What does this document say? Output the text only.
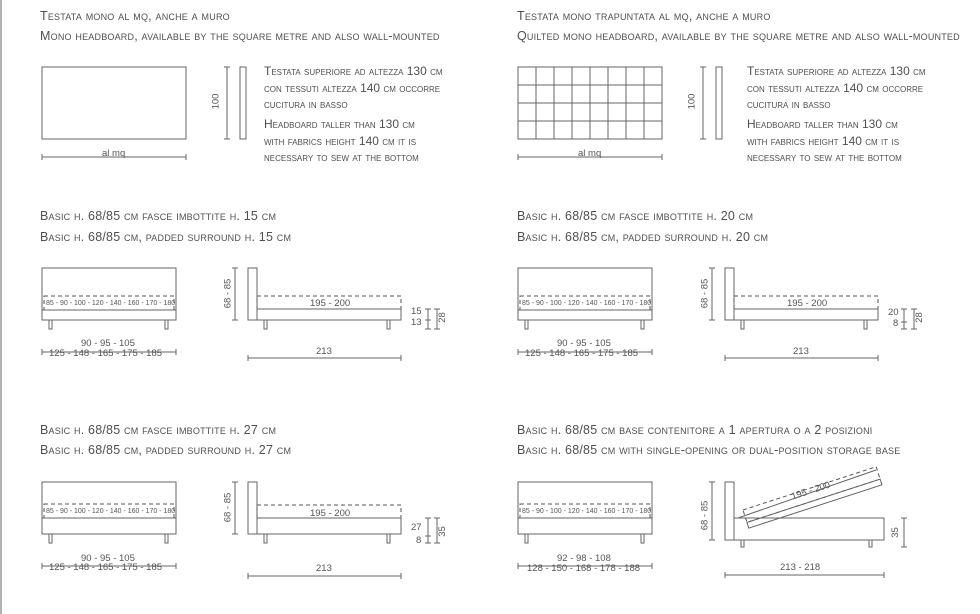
Testata mono al mq, anche a muro
Mono headboard, available by the square metre and also wall-mounted
al mq
100
Testata superiore ad altezza 130 cm
con tessuti altezza 140 cm occorre
cucitura in basso
Headboard taller than 130 cm
with fabrics height 140 cm it is
necessary to sew at the bottom
Testata mono trapuntata al mq, anche a muro
Quilted mono headboard, available by the square metre and also wall-mounted
al mq
100
Testata superiore ad altezza 130 cm
con tessuti altezza 140 cm occorre
cucitura in basso
Headboard taller than 130 cm
with fabrics height 140 cm it is
necessary to sew at the bottom
Basic h. 68/85 cm fasce imbottite h. 15 cm
Basic h. 68/85 cm, padded surround h. 15 cm
85 - 90 - 100 - 120 - 140 - 160 - 170 - 180
90 - 95 - 105
125 - 148 - 165 - 175 - 185
68 - 85	195 - 200
213
15
13 28
Basic h. 68/85 cm fasce imbottite h. 20 cm
Basic h. 68/85 cm, padded surround h. 20 cm
85 - 90 - 100 - 120 - 140 - 160 - 170 - 180
90 - 95 - 105
125 - 148 - 165 - 175 - 185
68 - 85	195 - 200
213
20
8
28
Basic h. 68/85 cm fasce imbottite h. 27 cm
Basic h. 68/85 cm, padded surround h. 27 cm
85 - 90 - 100 - 120 - 140 - 160 - 170 - 180
90 - 95 - 105
125 - 148 - 165 - 175 - 185
68 - 85	195 - 200
213
27
8
35
Basic h. 68/85 cm base contenitore a 1 apertura o a 2 posizioni
Basic h. 68/85 cm with single-opening or dual-position storage base
85 - 90 - 100 - 120 - 140 - 160 - 170 - 180
92 - 98 - 108
128 - 150 - 168 - 178 - 188
68 - 85
195 - 200
213 - 218
35
